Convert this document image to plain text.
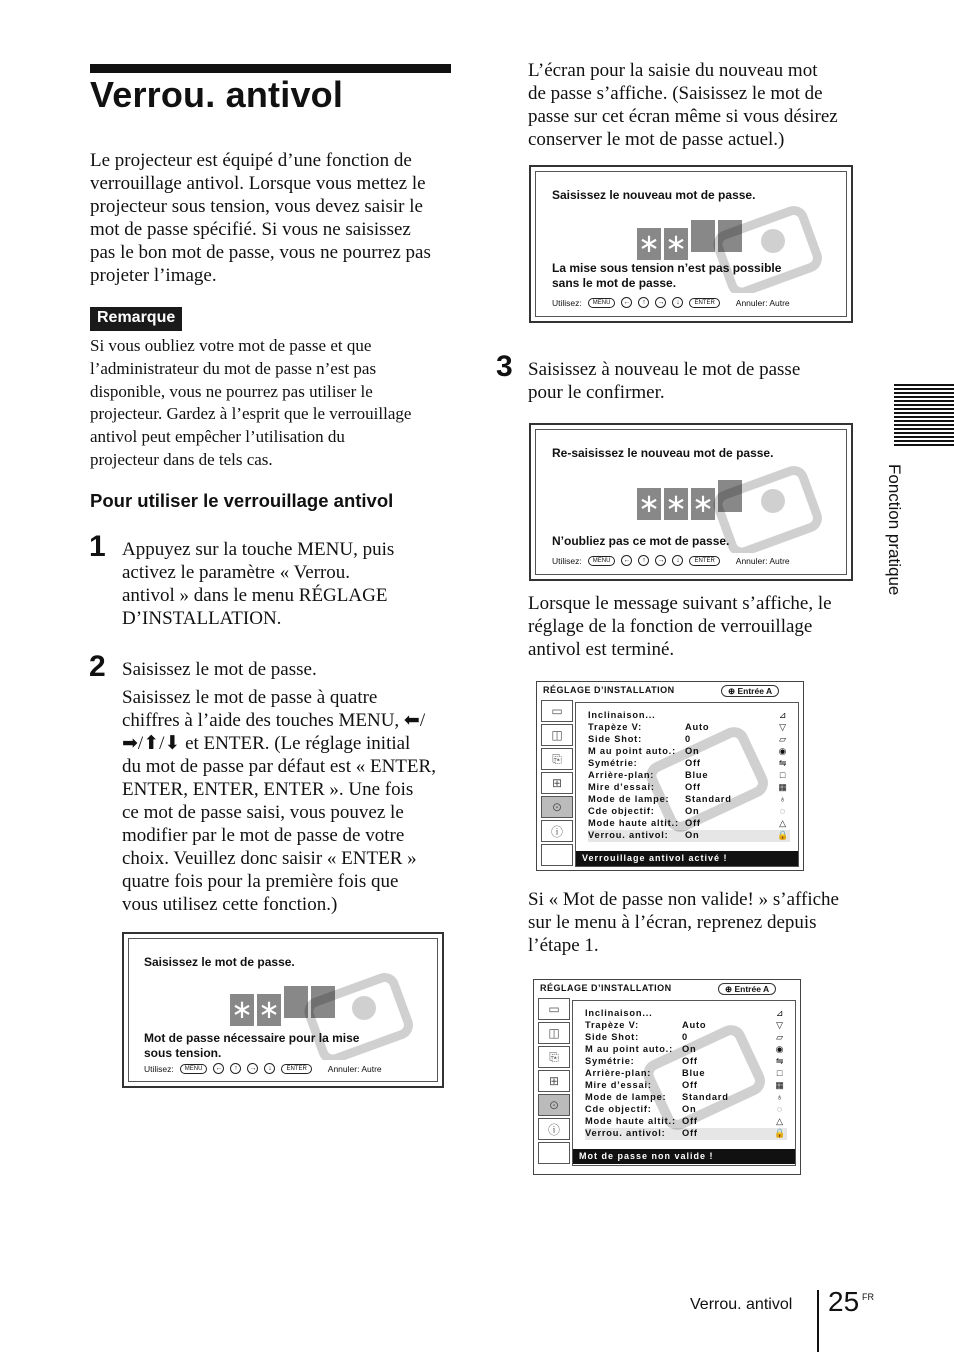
Verrou. antivol
Le projecteur est équipé d’une fonction de
verrouillage antivol. Lorsque vous mettez le
projecteur sous tension, vous devez saisir le
mot de passe spécifié. Si vous ne saisissez
pas le bon mot de passe, vous ne pourrez pas
projeter l’image.
Remarque
Si vous oubliez votre mot de passe et que
l’administrateur du mot de passe n’est pas
disponible, vous ne pourrez pas utiliser le
projecteur. Gardez à l’esprit que le verrouillage
antivol peut empêcher l’utilisation du
projecteur dans de tels cas.
Pour utiliser le verrouillage antivol
1 Appuyez sur la touche MENU, puis
activez le paramètre « Verrou.
antivol » dans le menu RÉGLAGE
D’INSTALLATION.
2 Saisissez le mot de passe.
Saisissez le mot de passe à quatre
chiffres à l’aide des touches MENU, ⬅/
➡/⬆/⬇ et ENTER. (Le réglage initial
du mot de passe par défaut est « ENTER,
ENTER, ENTER, ENTER ». Une fois
ce mot de passe saisi, vous pouvez le
modifier par le mot de passe de votre
choix. Veuillez donc saisir « ENTER »
quatre fois pour la première fois que
vous utilisez cette fonction.)
Saisissez le mot de passe.
∗ ∗
Mot de passe nécessaire pour la mise
sous tension.
Utilisez:	MENU	←	↑	→	↓	ENTER	Annuler: Autre
L’écran pour la saisie du nouveau mot
de passe s’affiche. (Saisissez le mot de
passe sur cet écran même si vous désirez
conserver le mot de passe actuel.)
Saisissez le nouveau mot de passe.
∗ ∗
La mise sous tension n’est pas possible
sans le mot de passe.
Utilisez:	MENU	←	↑	→	↓	ENTER	Annuler: Autre
3 Saisissez à nouveau le mot de passe
pour le confirmer.
Re-saisissez le nouveau mot de passe.
∗ ∗ ∗
N’oubliez pas ce mot de passe.
Utilisez:	MENU	←	↑	→	↓	ENTER	Annuler: Autre
Lorsque le message suivant s’affiche, le
réglage de la fonction de verrouillage
antivol est terminé.
RÉGLAGE D’INSTALLATION	⊕ Entrée A
▭
◫
⎘
⊞
⊙
ⓘ
Inclinaison...	⊿
Trapèze V:	Auto	▽
Side Shot:	0	▱
M au point auto.: On	◉
Symétrie:	Off	⇋
Arrière-plan:	Blue	□
Mire d’essai:	Off	▦
Mode de lampe:	Standard	♁
Cde objectif:	On	◌
Mode haute altit.: Off	△
Verrou. antivol:	On	🔒
Verrouillage antivol activé !
Si « Mot de passe non valide! » s’affiche
sur le menu à l’écran, reprenez depuis
l’étape 1.
RÉGLAGE D’INSTALLATION	⊕ Entrée A
▭
◫
⎘
⊞
⊙
ⓘ
Inclinaison...	⊿
Trapèze V:	Auto	▽
Side Shot:	0	▱
M au point auto.: On	◉
Symétrie:	Off	⇋
Arrière-plan:	Blue	□
Mire d’essai:	Off	▦
Mode de lampe:	Standard	♁
Cde objectif:	On	◌
Mode haute altit.: Off	△
Verrou. antivol:	Off	🔒
Mot de passe non valide !
Fonction pratique
Verrou. antivol 25 FR
